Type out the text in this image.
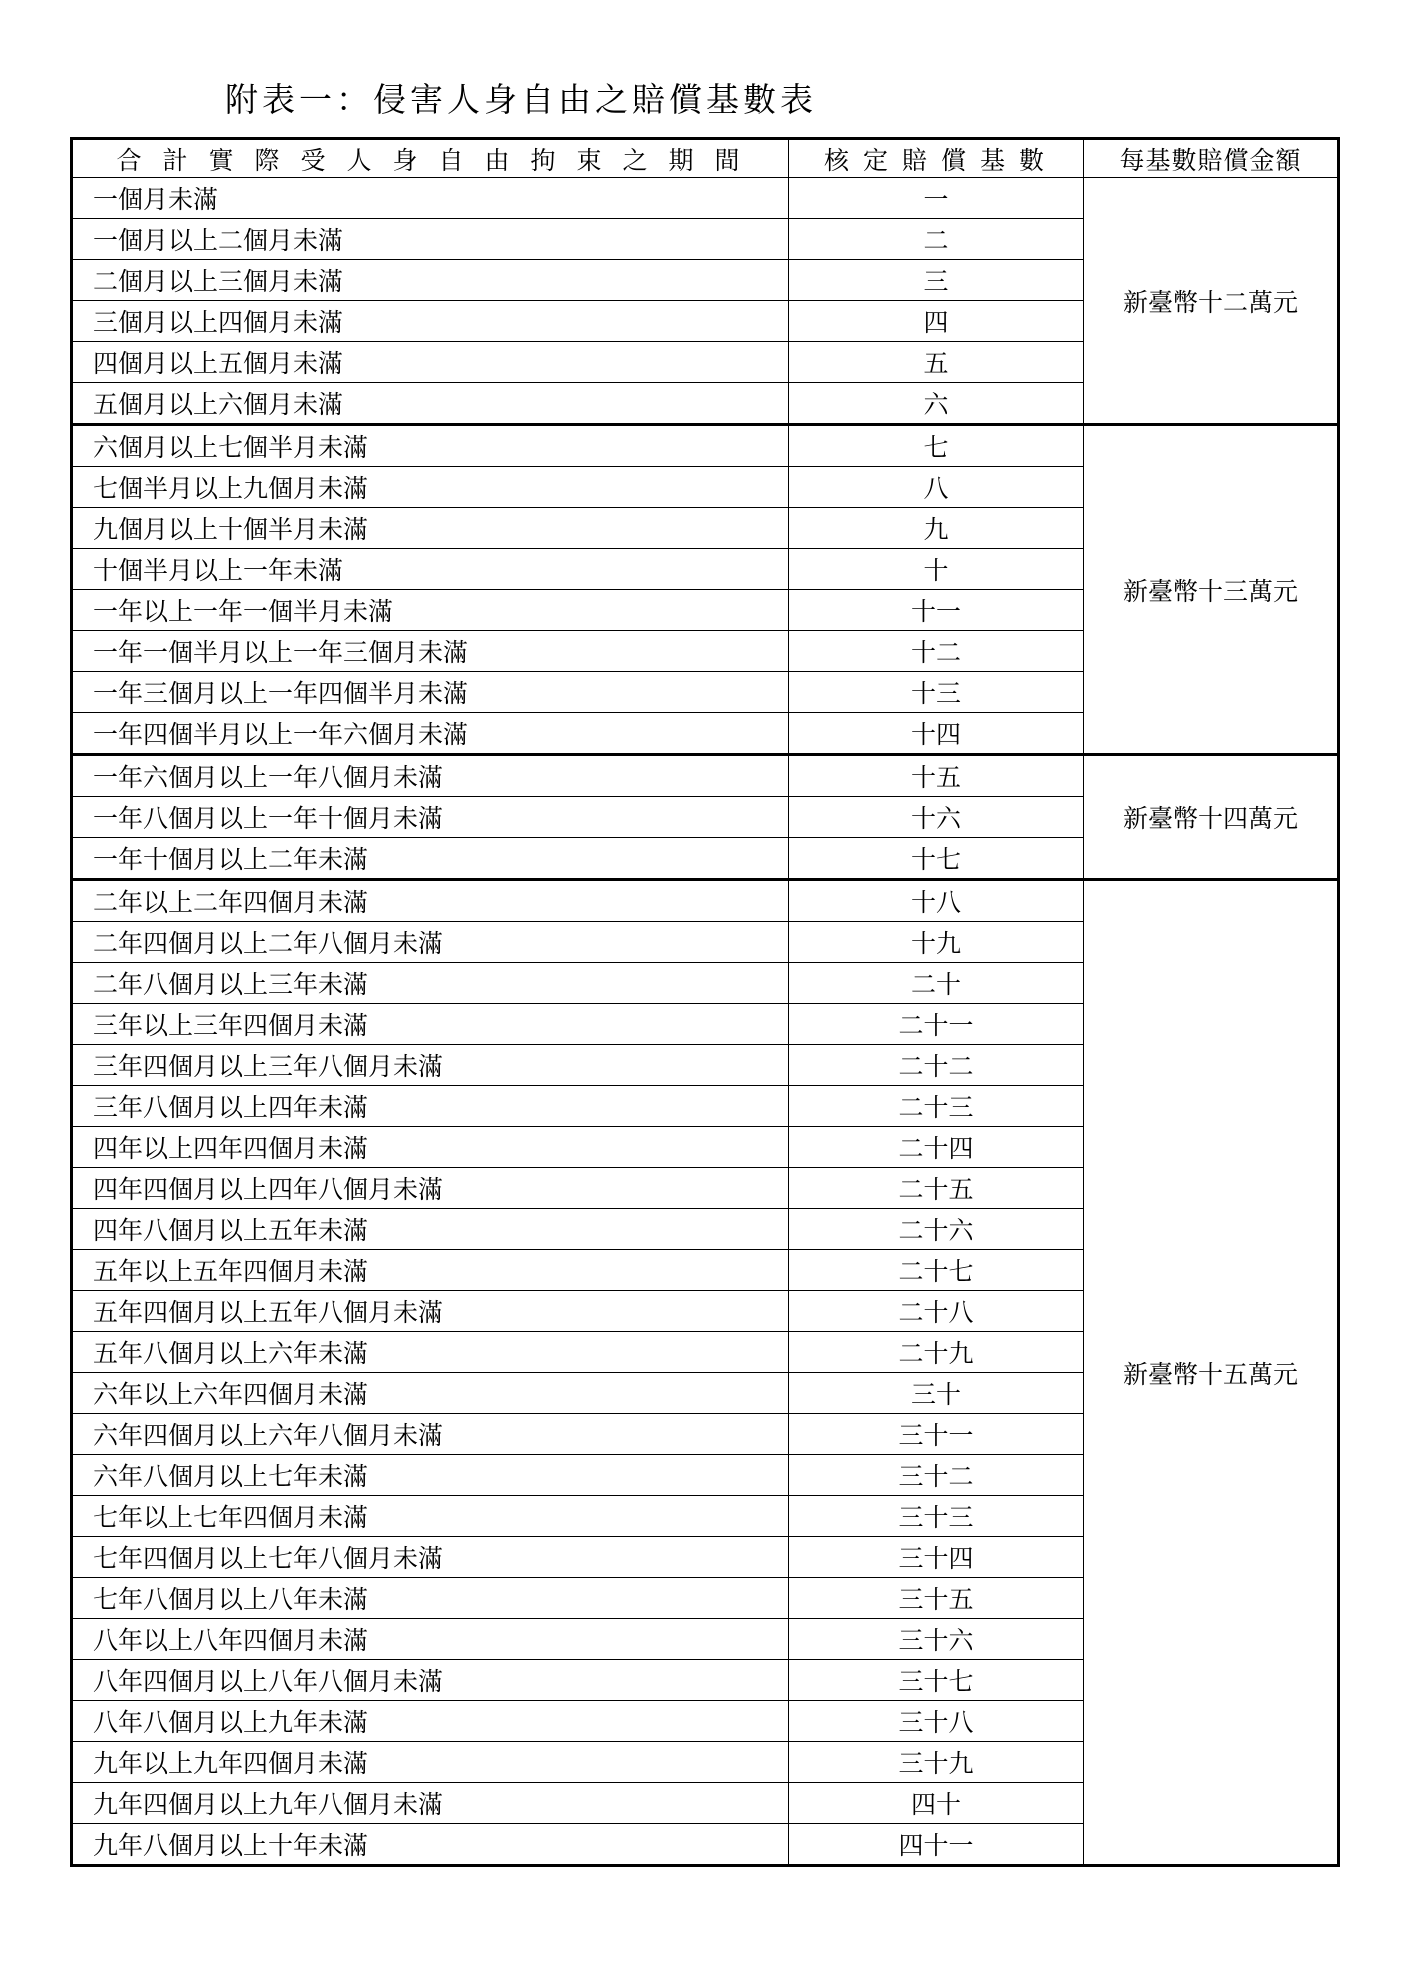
附表一：侵害人身自由之賠償基數表
合計實際受人身自由拘束之期間	核定賠償基數	每基數賠償金額
一個月未滿	一	新臺幣十二萬元
一個月以上二個月未滿	二	
二個月以上三個月未滿	三	
三個月以上四個月未滿	四	
四個月以上五個月未滿	五	
五個月以上六個月未滿	六	
六個月以上七個半月未滿	七	新臺幣十三萬元
七個半月以上九個月未滿	八	
九個月以上十個半月未滿	九	
十個半月以上一年未滿	十	
一年以上一年一個半月未滿	十一	
一年一個半月以上一年三個月未滿	十二	
一年三個月以上一年四個半月未滿	十三	
一年四個半月以上一年六個月未滿	十四	
一年六個月以上一年八個月未滿	十五	新臺幣十四萬元
一年八個月以上一年十個月未滿	十六	
一年十個月以上二年未滿	十七	
二年以上二年四個月未滿	十八	新臺幣十五萬元
二年四個月以上二年八個月未滿	十九	
二年八個月以上三年未滿	二十	
三年以上三年四個月未滿	二十一	
三年四個月以上三年八個月未滿	二十二	
三年八個月以上四年未滿	二十三	
四年以上四年四個月未滿	二十四	
四年四個月以上四年八個月未滿	二十五	
四年八個月以上五年未滿	二十六	
五年以上五年四個月未滿	二十七	
五年四個月以上五年八個月未滿	二十八	
五年八個月以上六年未滿	二十九	
六年以上六年四個月未滿	三十	
六年四個月以上六年八個月未滿	三十一	
六年八個月以上七年未滿	三十二	
七年以上七年四個月未滿	三十三	
七年四個月以上七年八個月未滿	三十四	
七年八個月以上八年未滿	三十五	
八年以上八年四個月未滿	三十六	
八年四個月以上八年八個月未滿	三十七	
八年八個月以上九年未滿	三十八	
九年以上九年四個月未滿	三十九	
九年四個月以上九年八個月未滿	四十	
九年八個月以上十年未滿	四十一	
